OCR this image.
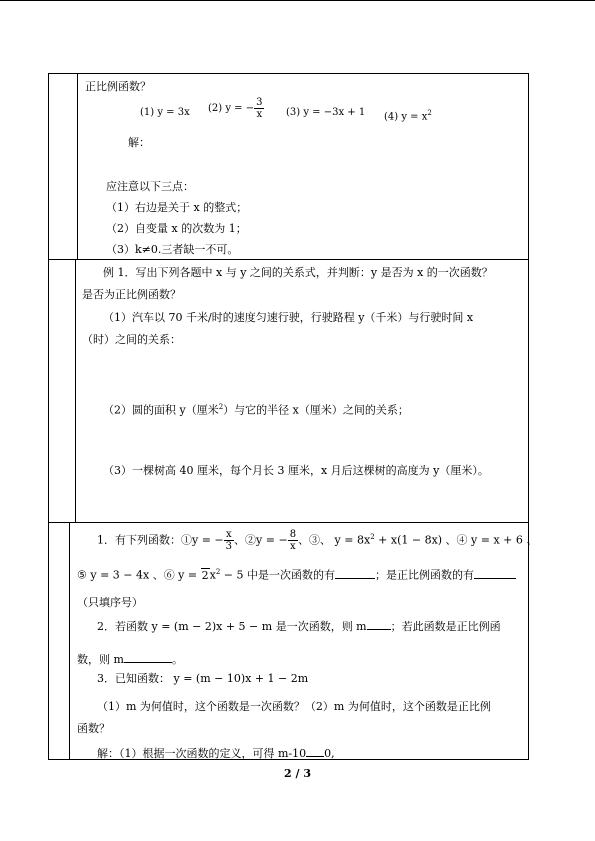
正比例函数？
(1) y = 3x (2) y = − $\frac{3}{x} (3) y = -3x + 1$ (4) $y = x^2$
解：
应注意以下三点：
（1）右边是关于 x 的整式；
（2）自变量 x 的次数为 1；
（3）k≠0.三者缺一不可。
例 1．写出下列各题中 x 与 y 之间的关系式，并判断：y 是否为 x 的一次函数？
是否为正比例函数？
（1）汽车以 70 千米/时的速度匀速行驶，行驶路程 y（千米）与行驶时间 x
（时）之间的关系：
（2）圆的面积 y（厘米$^2$）与它的半径 x（厘米）之间的关系；
（3）一棵树高 40 厘米，每个月长 3 厘米，x 月后这棵树的高度为 y（厘米）。
1．有下列函数：①y = − $\frac{x}{3}$ 、②y = − $\frac{8}{x}$ 、③、 $y = 8x^2 + x(1 - 8x)$ 、④ y = x + 6 、
⑤ y = 3 − 4x 、⑥ $y = 2x^2 - 5$ 中是一次函数的有	；是正比例函数的有
（只填序号）
2．若函数 y = (m − 2)x + 5 − m 是一次函数，则 m ；若此函数是正比例函
数，则 m	。
3．已知函数： y = (m − 10)x + 1 − 2m
（1）m 为何值时，这个函数是一次函数？（2）m 为何值时，这个函数是正比例
函数？
解：（1）根据一次函数的定义，可得 m-10 0,
2 / 3
